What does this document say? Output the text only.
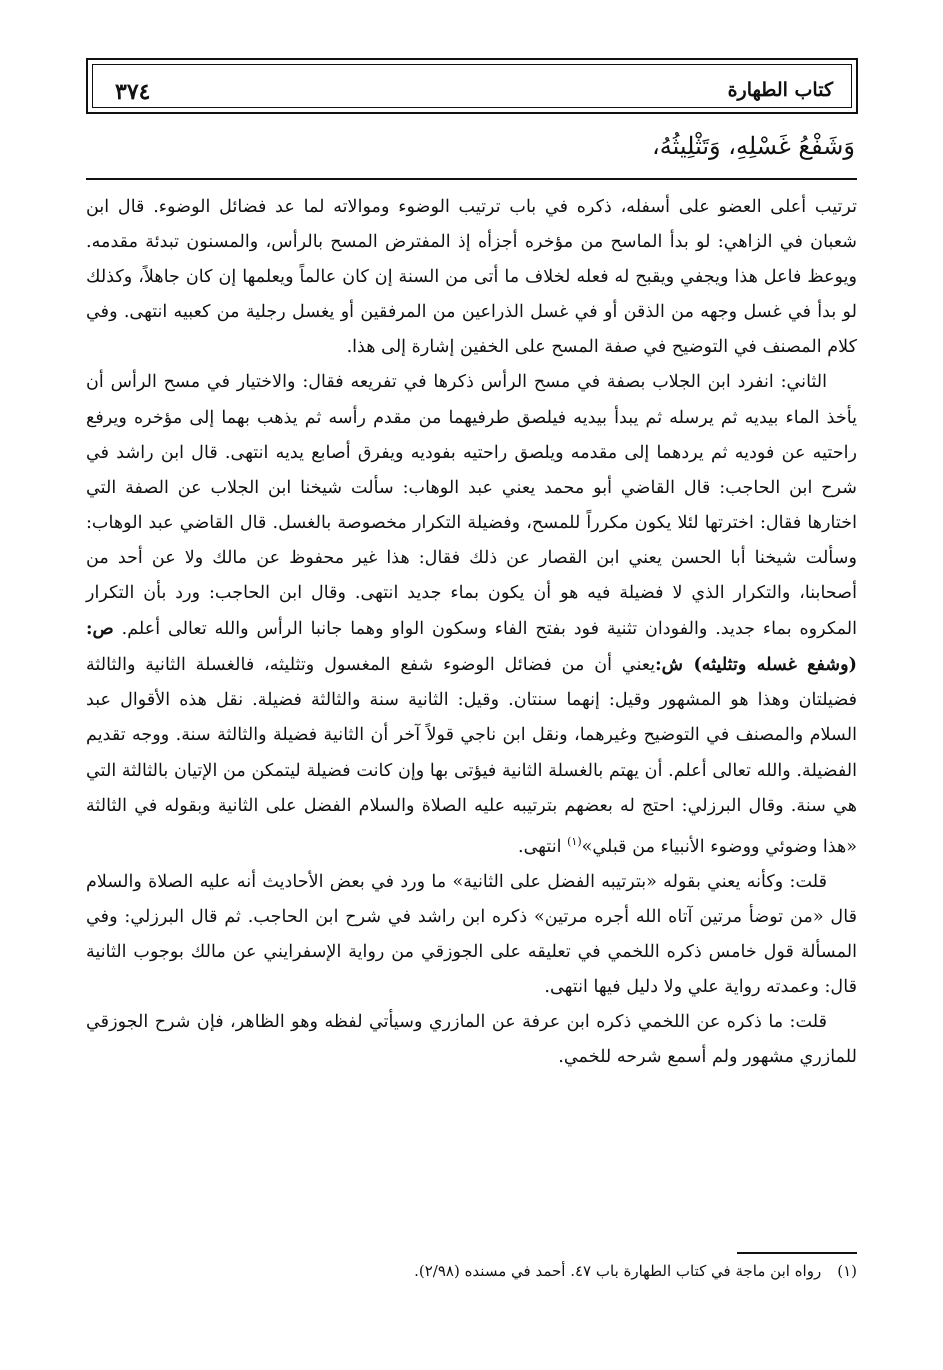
٣٧٤	كتاب الطهارة
وَشَفْعُ غَسْلِهِ، وَتَثْلِيثُهُ،

ترتيب أعلى العضو على أسفله، ذكره في باب ترتيب الوضوء وموالاته لما عد فضائل الوضوء. قال ابن شعبان في الزاهي: لو بدأ الماسح من مؤخره أجزأه إذ المفترض المسح بالرأس، والمسنون تبدئة مقدمه. ويوعظ فاعل هذا ويجفي ويقبح له فعله لخلاف ما أتى من السنة إن كان عالماً ويعلمها إن كان جاهلاً، وكذلك لو بدأ في غسل وجهه من الذقن أو في غسل الذراعين من المرفقين أو يغسل رجلية من كعبيه انتهى. وفي كلام المصنف في التوضيح في صفة المسح على الخفين إشارة إلى هذا.

الثاني: انفرد ابن الجلاب بصفة في مسح الرأس ذكرها في تفريعه فقال: والاختيار في مسح الرأس أن يأخذ الماء بيديه ثم يرسله ثم يبدأ بيديه فيلصق طرفيهما من مقدم رأسه ثم يذهب بهما إلى مؤخره ويرفع راحتيه عن فوديه ثم يردهما إلى مقدمه ويلصق راحتيه بفوديه ويفرق أصابع يديه انتهى. قال ابن راشد في شرح ابن الحاجب: قال القاضي أبو محمد يعني عبد الوهاب: سألت شيخنا ابن الجلاب عن الصفة التي اختارها فقال: اخترتها لئلا يكون مكرراً للمسح، وفضيلة التكرار مخصوصة بالغسل. قال القاضي عبد الوهاب: وسألت شيخنا أبا الحسن يعني ابن القصار عن ذلك فقال: هذا غير محفوظ عن مالك ولا عن أحد من أصحابنا، والتكرار الذي لا فضيلة فيه هو أن يكون بماء جديد انتهى. وقال ابن الحاجب: ورد بأن التكرار المكروه بماء جديد. والفودان تثنية فود بفتح الفاء وسكون الواو وهما جانبا الرأس والله تعالى أعلم. ص: (وشفع غسله وتثليثه) ش:يعني أن من فضائل الوضوء شفع المغسول وتثليثه، فالغسلة الثانية والثالثة فضيلتان وهذا هو المشهور وقيل: إنهما سنتان. وقيل: الثانية سنة والثالثة فضيلة. نقل هذه الأقوال عبد السلام والمصنف في التوضيح وغيرهما، ونقل ابن ناجي قولاً آخر أن الثانية فضيلة والثالثة سنة. ووجه تقديم الفضيلة. والله تعالى أعلم. أن يهتم بالغسلة الثانية فيؤتى بها وإن كانت فضيلة ليتمكن من الإتيان بالثالثة التي هي سنة. وقال البرزلي: احتج له بعضهم بترتيبه عليه الصلاة والسلام الفضل على الثانية وبقوله في الثالثة «هذا وضوئي ووضوء الأنبياء من قبلي»$^{(١)}$ انتهى.

قلت: وكأنه يعني بقوله «بترتيبه الفضل على الثانية» ما ورد في بعض الأحاديث أنه عليه الصلاة والسلام قال «من توضأ مرتين آتاه الله أجره مرتين» ذكره ابن راشد في شرح ابن الحاجب. ثم قال البرزلي: وفي المسألة قول خامس ذكره اللخمي في تعليقه على الجوزقي من رواية الإسفرايني عن مالك بوجوب الثانية قال: وعمدته رواية علي ولا دليل فيها انتهى.

قلت: ما ذكره عن اللخمي ذكره ابن عرفة عن المازري وسيأتي لفظه وهو الظاهر، فإن شرح الجوزقي للمازري مشهور ولم أسمع شرحه للخمي.

(١)رواه ابن ماجة في كتاب الطهارة باب ٤٧. أحمد في مسنده (٢/٩٨).
